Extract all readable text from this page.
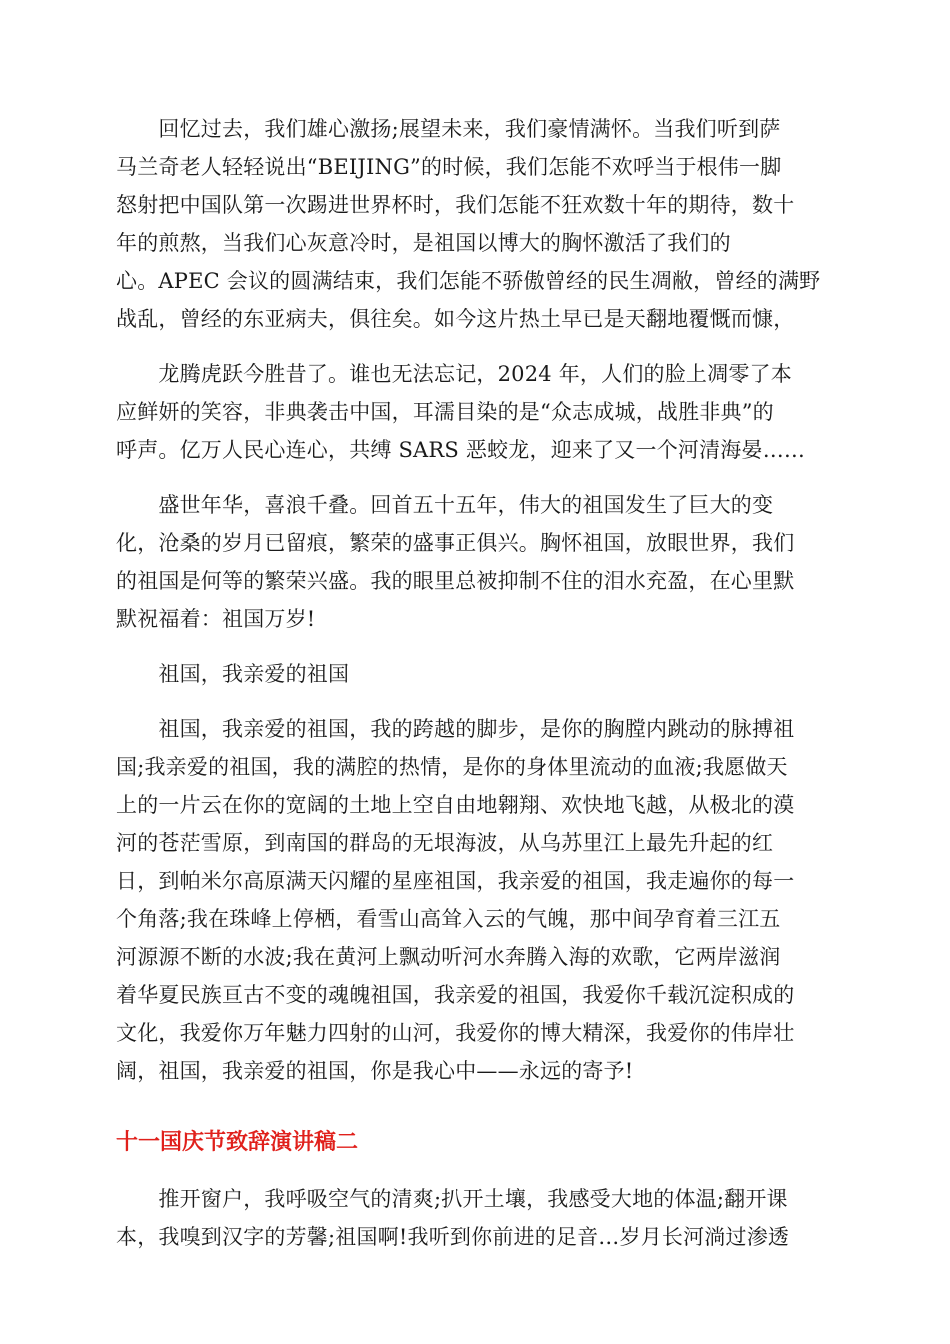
　　回忆过去，我们雄心激扬;展望未来，我们豪情满怀。当我们听到萨
马兰奇老人轻轻说出“BEIJING”的时候，我们怎能不欢呼当于根伟一脚
怒射把中国队第一次踢进世界杯时，我们怎能不狂欢数十年的期待，数十
年的煎熬，当我们心灰意冷时，是祖国以博大的胸怀激活了我们的
心。APEC 会议的圆满结束，我们怎能不骄傲曾经的民生凋敝，曾经的满野
战乱，曾经的东亚病夫，俱往矣。如今这片热土早已是天翻地覆慨而慷，
　　龙腾虎跃今胜昔了。谁也无法忘记，2024 年，人们的脸上凋零了本
应鲜妍的笑容，非典袭击中国，耳濡目染的是“众志成城，战胜非典”的
呼声。亿万人民心连心，共缚 SARS 恶蛟龙，迎来了又一个河清海晏……
　　盛世年华，喜浪千叠。回首五十五年，伟大的祖国发生了巨大的变
化，沧桑的岁月已留痕，繁荣的盛事正俱兴。胸怀祖国，放眼世界，我们
的祖国是何等的繁荣兴盛。我的眼里总被抑制不住的泪水充盈，在心里默
默祝福着：祖国万岁!
　　祖国，我亲爱的祖国
　　祖国，我亲爱的祖国，我的跨越的脚步，是你的胸膛内跳动的脉搏祖
国;我亲爱的祖国，我的满腔的热情，是你的身体里流动的血液;我愿做天
上的一片云在你的宽阔的土地上空自由地翱翔、欢快地飞越，从极北的漠
河的苍茫雪原，到南国的群岛的无垠海波，从乌苏里江上最先升起的红
日，到帕米尔高原满天闪耀的星座祖国，我亲爱的祖国，我走遍你的每一
个角落;我在珠峰上停栖，看雪山高耸入云的气魄，那中间孕育着三江五
河源源不断的水波;我在黄河上飘动听河水奔腾入海的欢歌，它两岸滋润
着华夏民族亘古不变的魂魄祖国，我亲爱的祖国，我爱你千载沉淀积成的
文化，我爱你万年魅力四射的山河，我爱你的博大精深，我爱你的伟岸壮
阔，祖国，我亲爱的祖国，你是我心中——永远的寄予!
十一国庆节致辞演讲稿二
　　推开窗户，我呼吸空气的清爽;扒开土壤，我感受大地的体温;翻开课
本，我嗅到汉字的芳馨;祖国啊!我听到你前进的足音…岁月长河淌过渗透
